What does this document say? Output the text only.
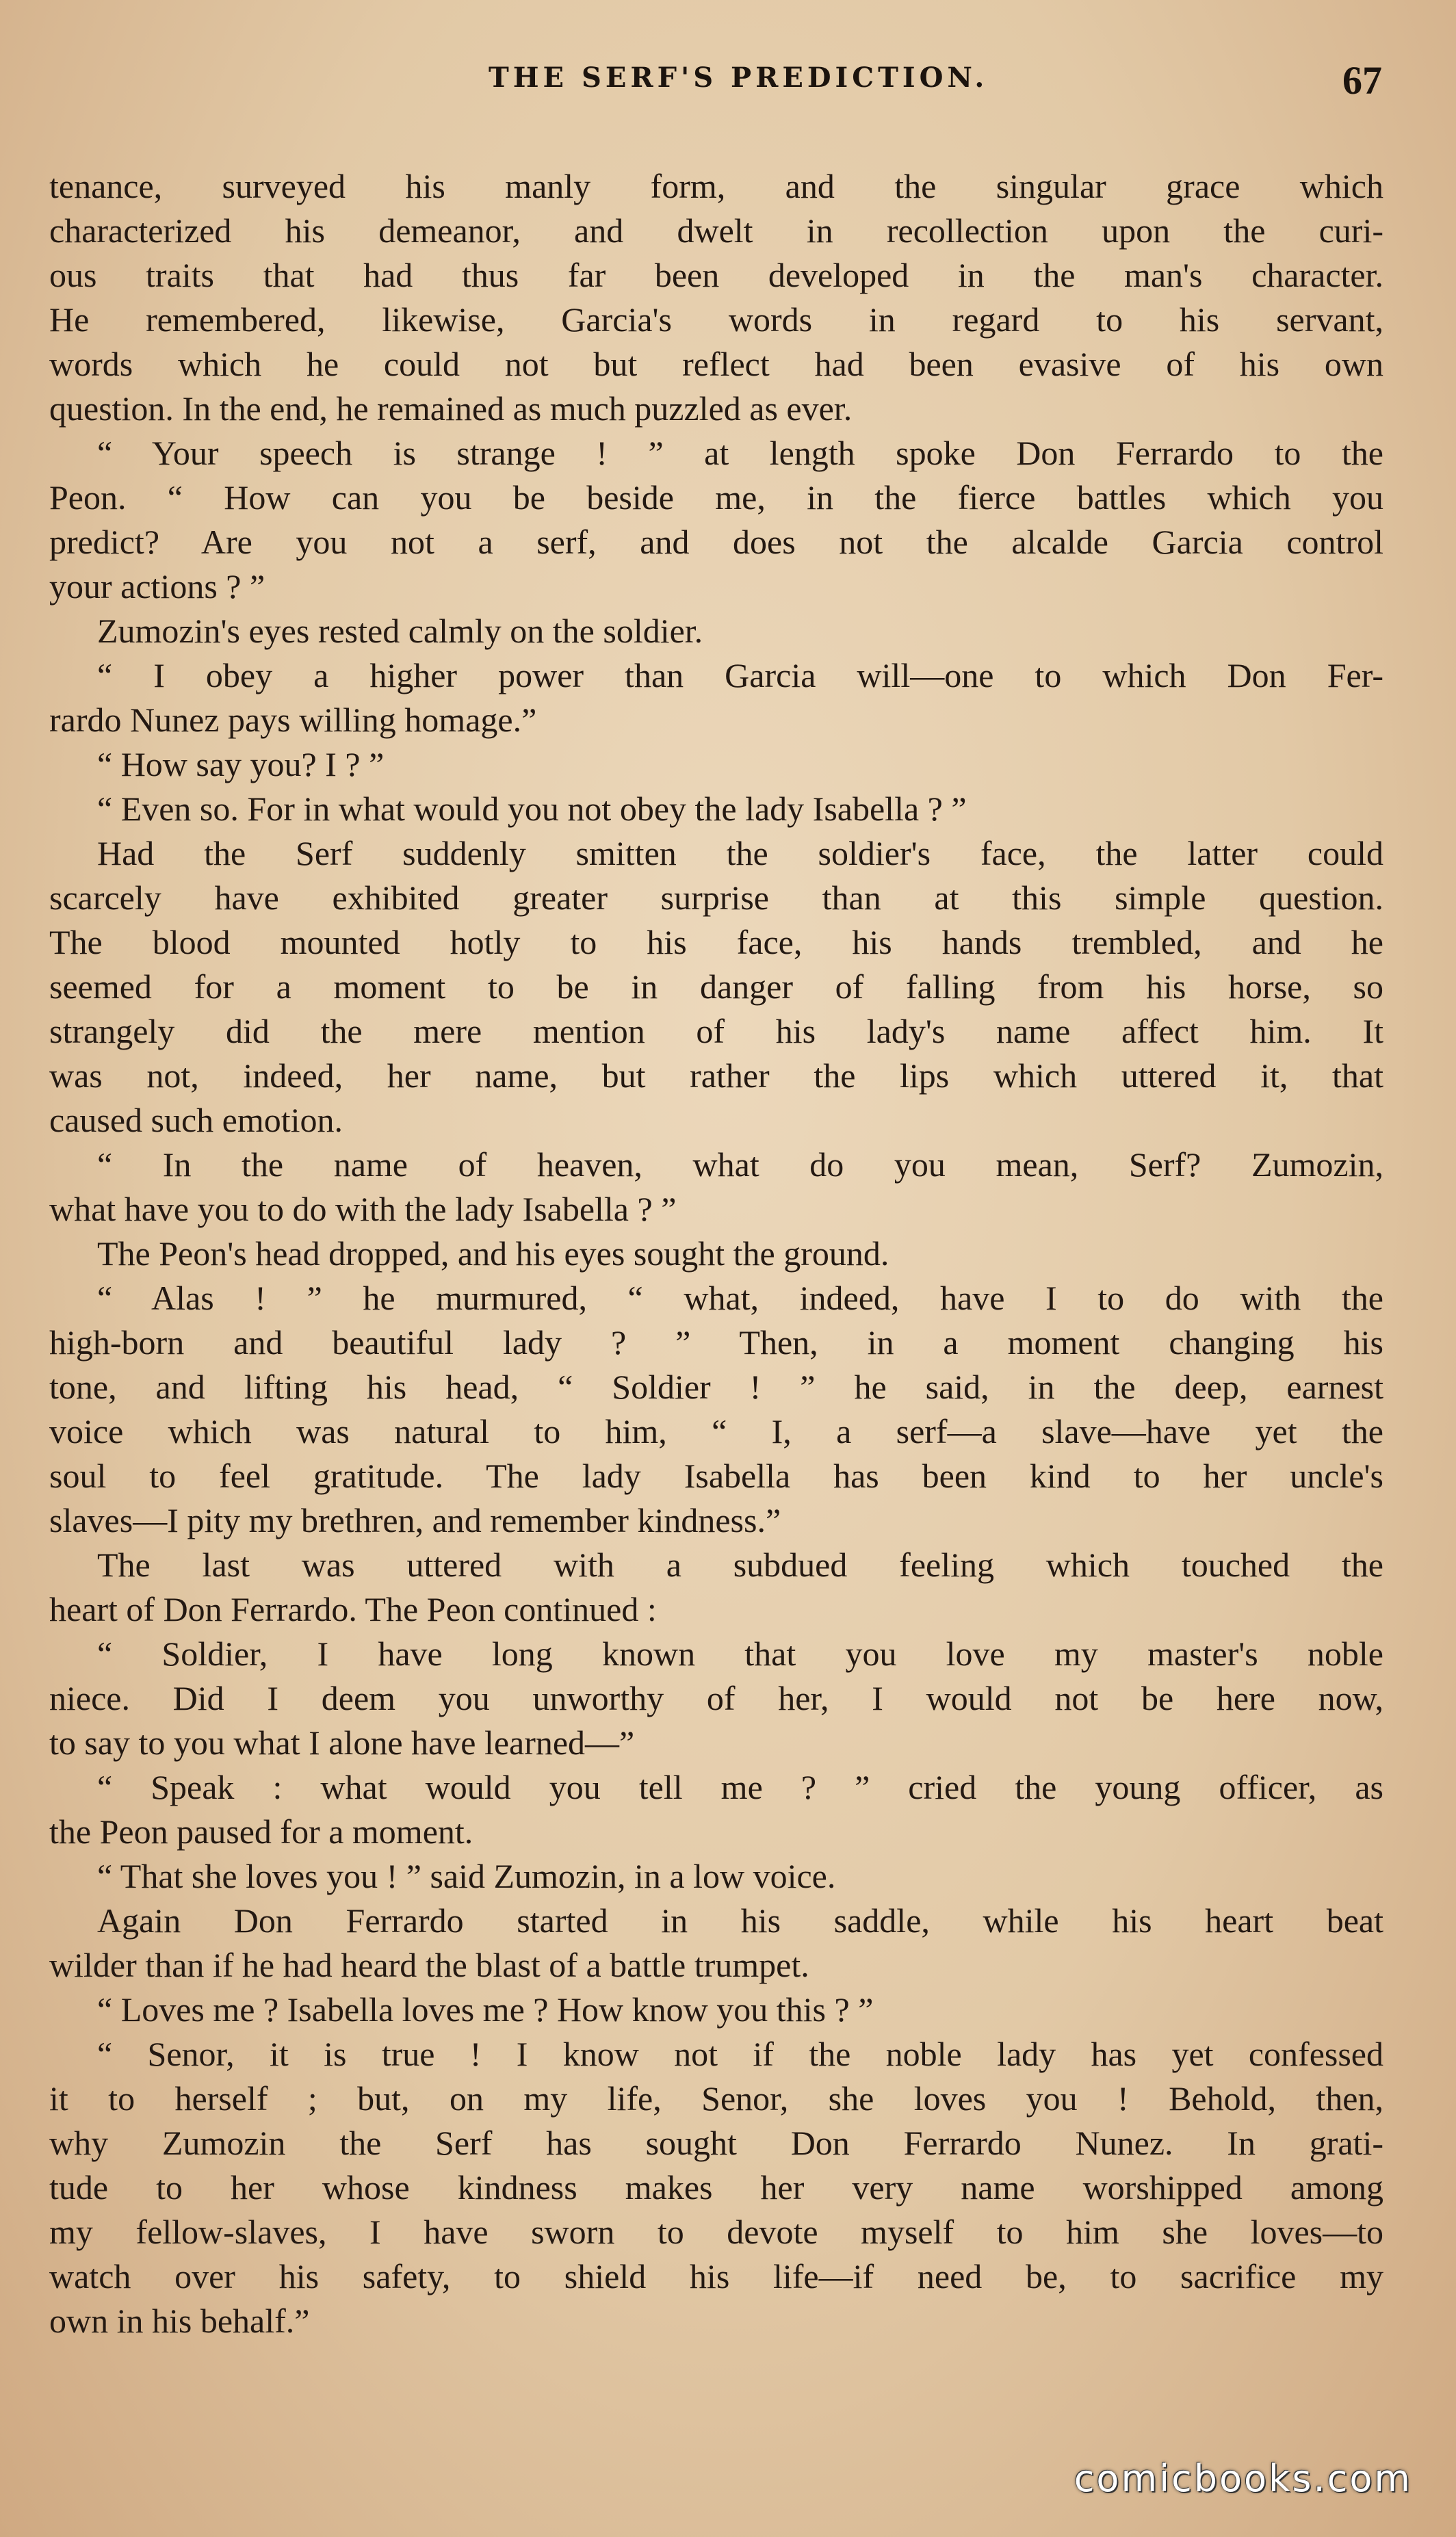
THE SERF'S PREDICTION.	67
tenance, surveyed his manly form, and the singular grace which
characterized his demeanor, and dwelt in recollection upon the curi-
ous traits that had thus far been developed in the man's character.
He remembered, likewise, Garcia's words in regard to his servant,
words which he could not but reflect had been evasive of his own
question. In the end, he remained as much puzzled as ever.
“ Your speech is strange ! ” at length spoke Don Ferrardo to the
Peon. “ How can you be beside me, in the fierce battles which you
predict? Are you not a serf, and does not the alcalde Garcia control
your actions ? ”
Zumozin's eyes rested calmly on the soldier.
“ I obey a higher power than Garcia will—one to which Don Fer-
rardo Nunez pays willing homage.”
“ How say you? I ? ”
“ Even so. For in what would you not obey the lady Isabella ? ”
Had the Serf suddenly smitten the soldier's face, the latter could
scarcely have exhibited greater surprise than at this simple question.
The blood mounted hotly to his face, his hands trembled, and he
seemed for a moment to be in danger of falling from his horse, so
strangely did the mere mention of his lady's name affect him. It
was not, indeed, her name, but rather the lips which uttered it, that
caused such emotion.
“ In the name of heaven, what do you mean, Serf? Zumozin,
what have you to do with the lady Isabella ? ”
The Peon's head dropped, and his eyes sought the ground.
“ Alas ! ” he murmured, “ what, indeed, have I to do with the
high-born and beautiful lady ? ” Then, in a moment changing his
tone, and lifting his head, “ Soldier ! ” he said, in the deep, earnest
voice which was natural to him, “ I, a serf—a slave—have yet the
soul to feel gratitude. The lady Isabella has been kind to her uncle's
slaves—I pity my brethren, and remember kindness.”
The last was uttered with a subdued feeling which touched the
heart of Don Ferrardo. The Peon continued :
“ Soldier, I have long known that you love my master's noble
niece. Did I deem you unworthy of her, I would not be here now,
to say to you what I alone have learned—”
“ Speak : what would you tell me ? ” cried the young officer, as
the Peon paused for a moment.
“ That she loves you ! ” said Zumozin, in a low voice.
Again Don Ferrardo started in his saddle, while his heart beat
wilder than if he had heard the blast of a battle trumpet.
“ Loves me ? Isabella loves me ? How know you this ? ”
“ Senor, it is true ! I know not if the noble lady has yet confessed
it to herself ; but, on my life, Senor, she loves you ! Behold, then,
why Zumozin the Serf has sought Don Ferrardo Nunez. In grati-
tude to her whose kindness makes her very name worshipped among
my fellow-slaves, I have sworn to devote myself to him she loves—to
watch over his safety, to shield his life—if need be, to sacrifice my
own in his behalf.”
comicbooks.com
